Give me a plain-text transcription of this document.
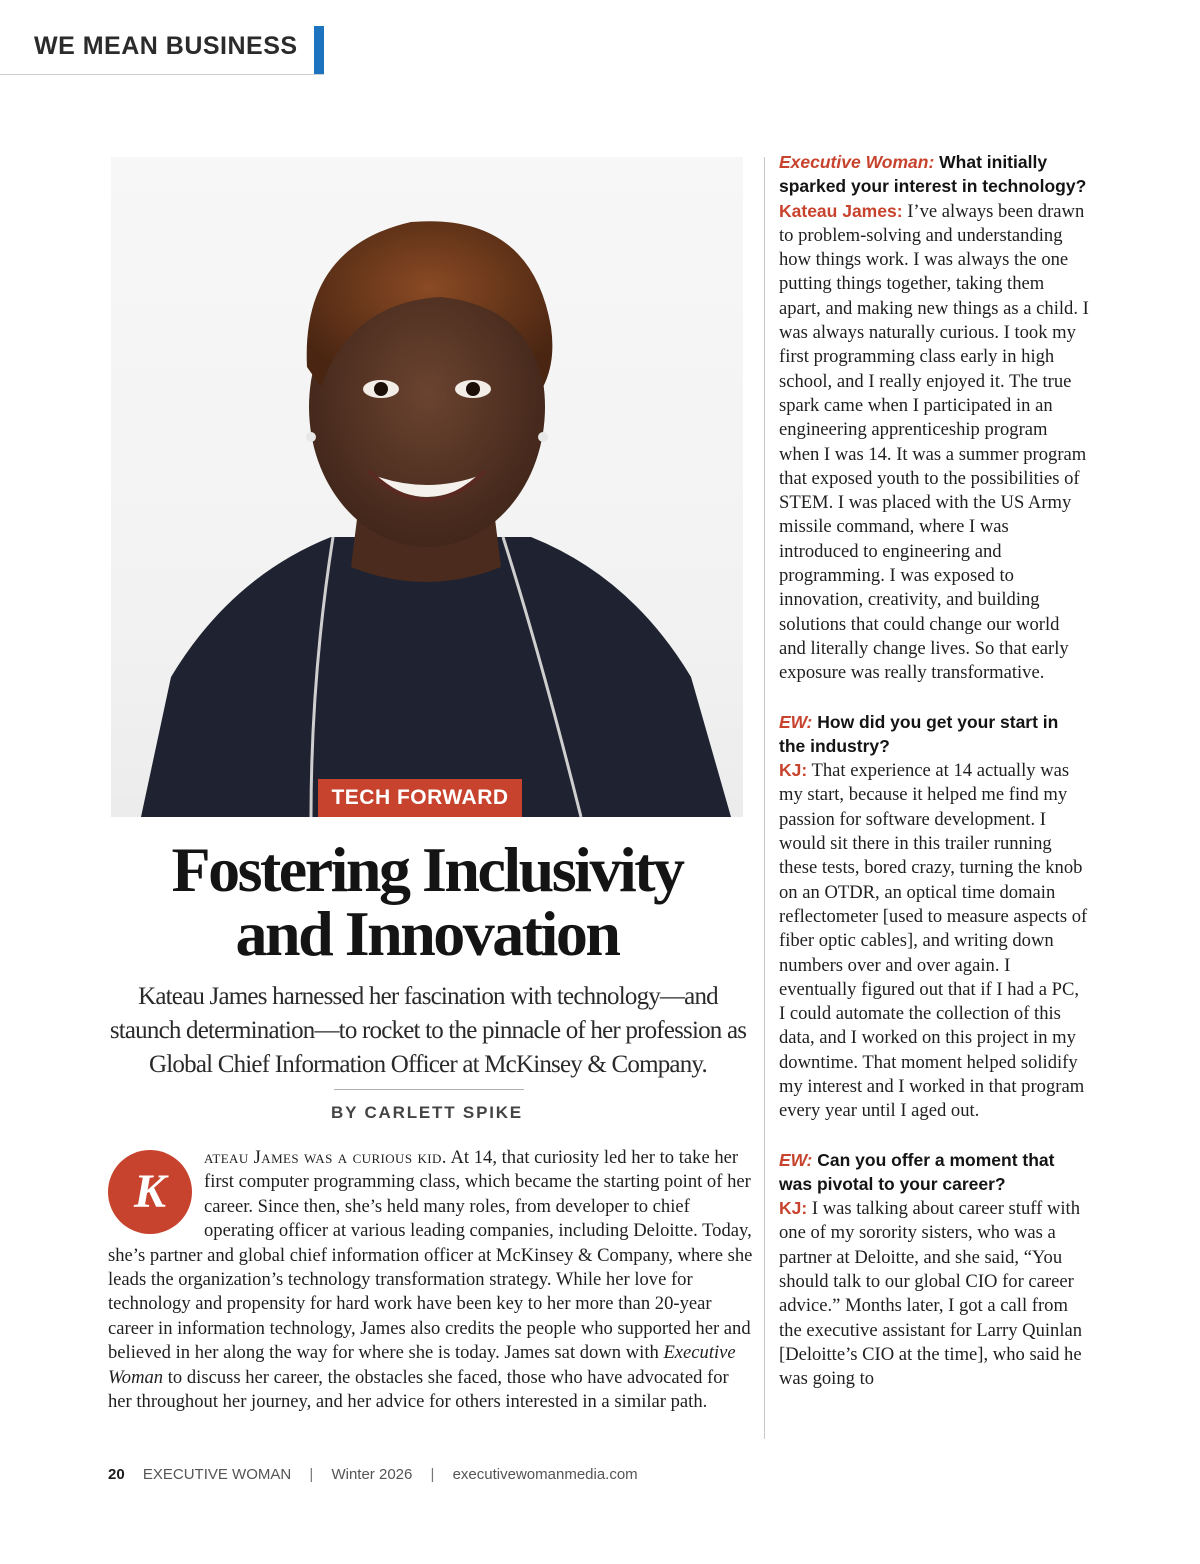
WE MEAN BUSINESS
TECH FORWARD
Fostering Inclusivity
and Innovation
Kateau James harnessed her fascination with technology—and staunch determination—to rocket to the pinnacle of her profession as Global Chief Information Officer at McKinsey & Company.
BY CARLETT SPIKE
K

ateau James was a curious kid. At 14, that curiosity led her to take her first computer programming class, which became the starting point of her career. Since then, she’s held many roles, from developer to chief operating officer at various leading companies, including Deloitte. Today, she’s partner and global chief information officer at McKinsey & Company, where she leads the organization’s technology transformation strategy. While her love for technology and propensity for hard work have been key to her more than 20-year career in information technology, James also credits the people who supported her and believed in her along the way for where she is today. James sat down with Executive Woman to discuss her career, the obstacles she faced, those who have advocated for her throughout her journey, and her advice for others interested in a similar path.

Executive Woman: What initially sparked your interest in technology?
Kateau James: I’ve always been drawn to problem-solving and understanding how things work. I was always the one putting things together, taking them apart, and making new things as a child. I was always naturally curious. I took my first programming class early in high school, and I really enjoyed it. The true spark came when I participated in an engineering apprenticeship program when I was 14. It was a summer program that exposed youth to the possibilities of STEM. I was placed with the US Army missile command, where I was introduced to engineering and programming. I was exposed to innovation, creativity, and building solutions that could change our world and literally change lives. So that early exposure was really transformative.
EW: How did you get your start in the industry?
KJ: That experience at 14 actually was my start, because it helped me find my passion for software development. I would sit there in this trailer running these tests, bored crazy, turning the knob on an OTDR, an optical time domain reflectometer [used to measure aspects of fiber optic cables], and writing down numbers over and over again. I eventually figured out that if I had a PC, I could automate the collection of this data, and I worked on this project in my downtime. That moment helped solidify my interest and I worked in that program every year until I aged out.
EW: Can you offer a moment that was pivotal to your career?
KJ: I was talking about career stuff with one of my sorority sisters, who was a partner at Deloitte, and she said, “You should talk to our global CIO for career advice.” Months later, I got a call from the executive assistant for Larry Quinlan [Deloitte’s CIO at the time], who said he was going to
20 EXECUTIVE WOMAN | Winter 2026 | executivewomanmedia.com
